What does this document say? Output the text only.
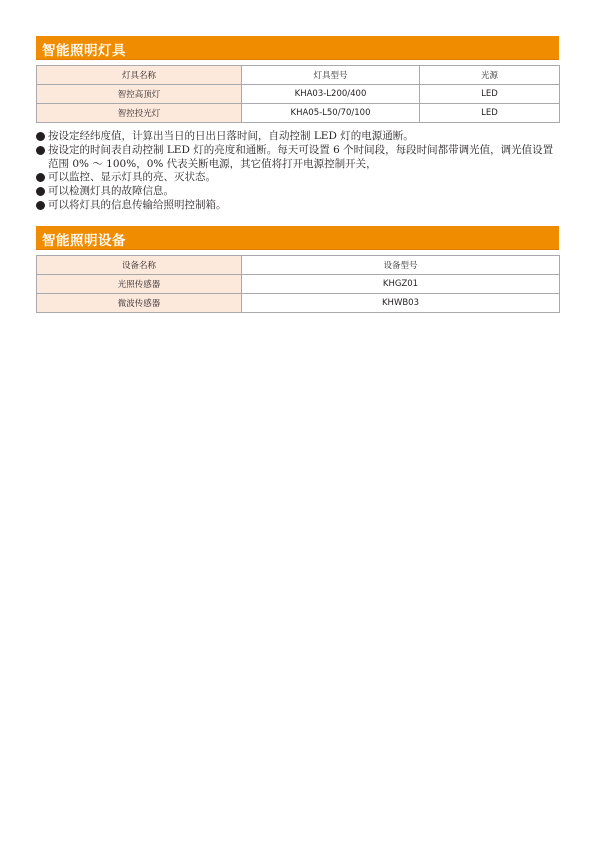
智能照明灯具
灯具名称	灯具型号	光源
智控高顶灯	KHA03-L200/400	LED
智控投光灯	KHA05-L50/70/100	LED
按设定经纬度值，计算出当日的日出日落时间，自动控制 LED 灯的电源通断。
按设定的时间表自动控制 LED 灯的亮度和通断。每天可设置 6 个时间段，每段时间都带调光值，调光值设置范围 0% ～ 100%，0% 代表关断电源，其它值将打开电源控制开关，
可以监控、显示灯具的亮、灭状态。
可以检测灯具的故障信息。
可以将灯具的信息传输给照明控制箱。
智能照明设备
设备名称	设备型号
光照传感器	KHGZ01
微波传感器	KHWB03
